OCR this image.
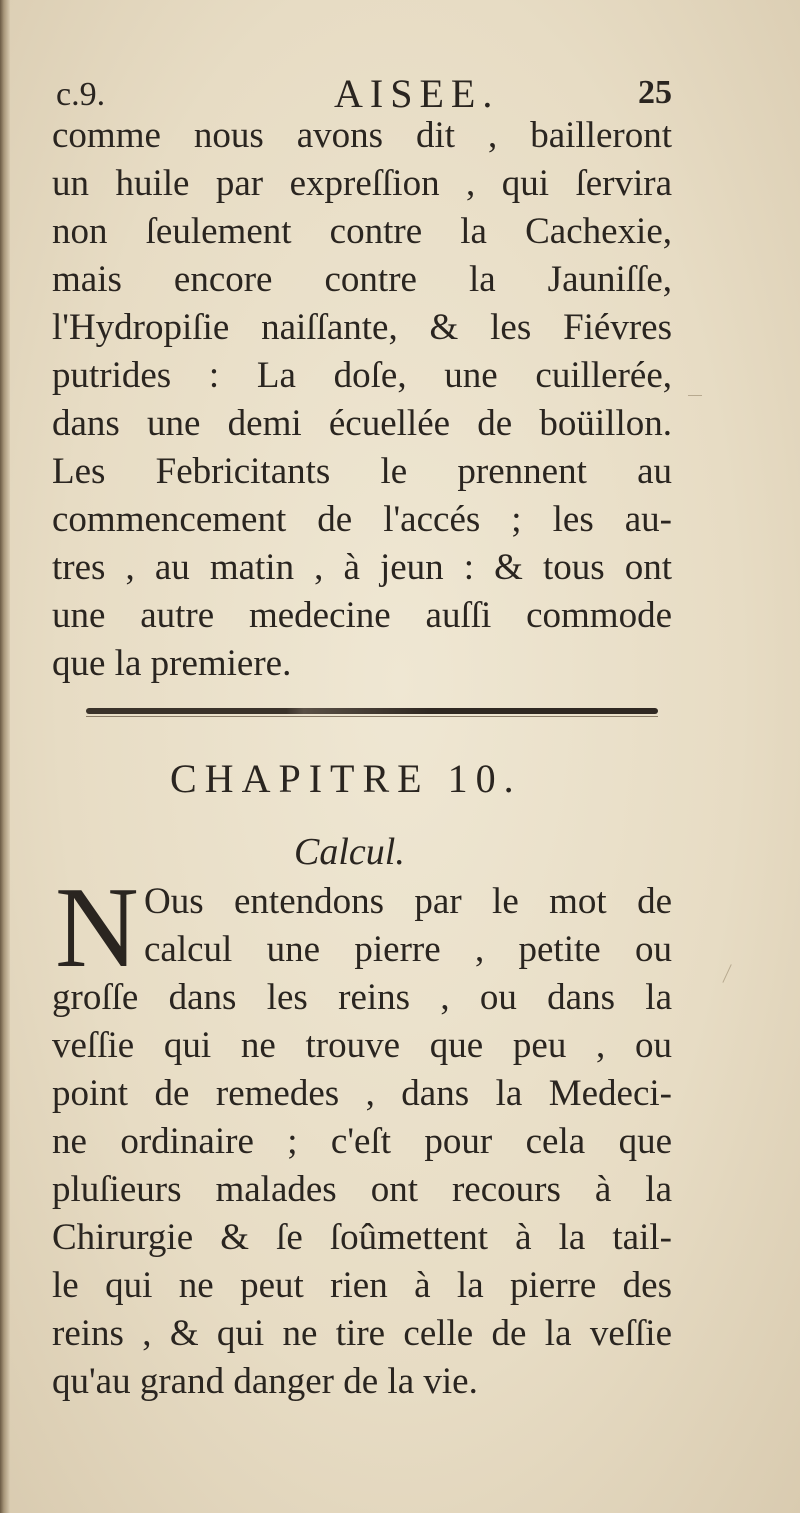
c.9.	AISEE.	25
comme nous avons dit , bailleront
un huile par expreſſion , qui ſervira
non ſeulement contre la Cachexie,
mais encore contre la Jauniſſe,
l'Hydropiſie naiſſante, & les Fiévres
putrides : La doſe, une cuillerée,
dans une demi écuellée de boüillon.
Les Febricitants le prennent au
commencement de l'accés ; les au-
tres , au matin , à jeun : & tous ont
une autre medecine auſſi commode
que la premiere.
CHAPITRE 10.
Calcul.
N Ous entendons par le mot de
calcul une pierre , petite ou
groſſe dans les reins , ou dans la
veſſie qui ne trouve que peu , ou
point de remedes , dans la Medeci-
ne ordinaire ; c'eſt pour cela que
pluſieurs malades ont recours à la
Chirurgie & ſe ſoûmettent à la tail-
le qui ne peut rien à la pierre des
reins , & qui ne tire celle de la veſſie
qu'au grand danger de la vie.
